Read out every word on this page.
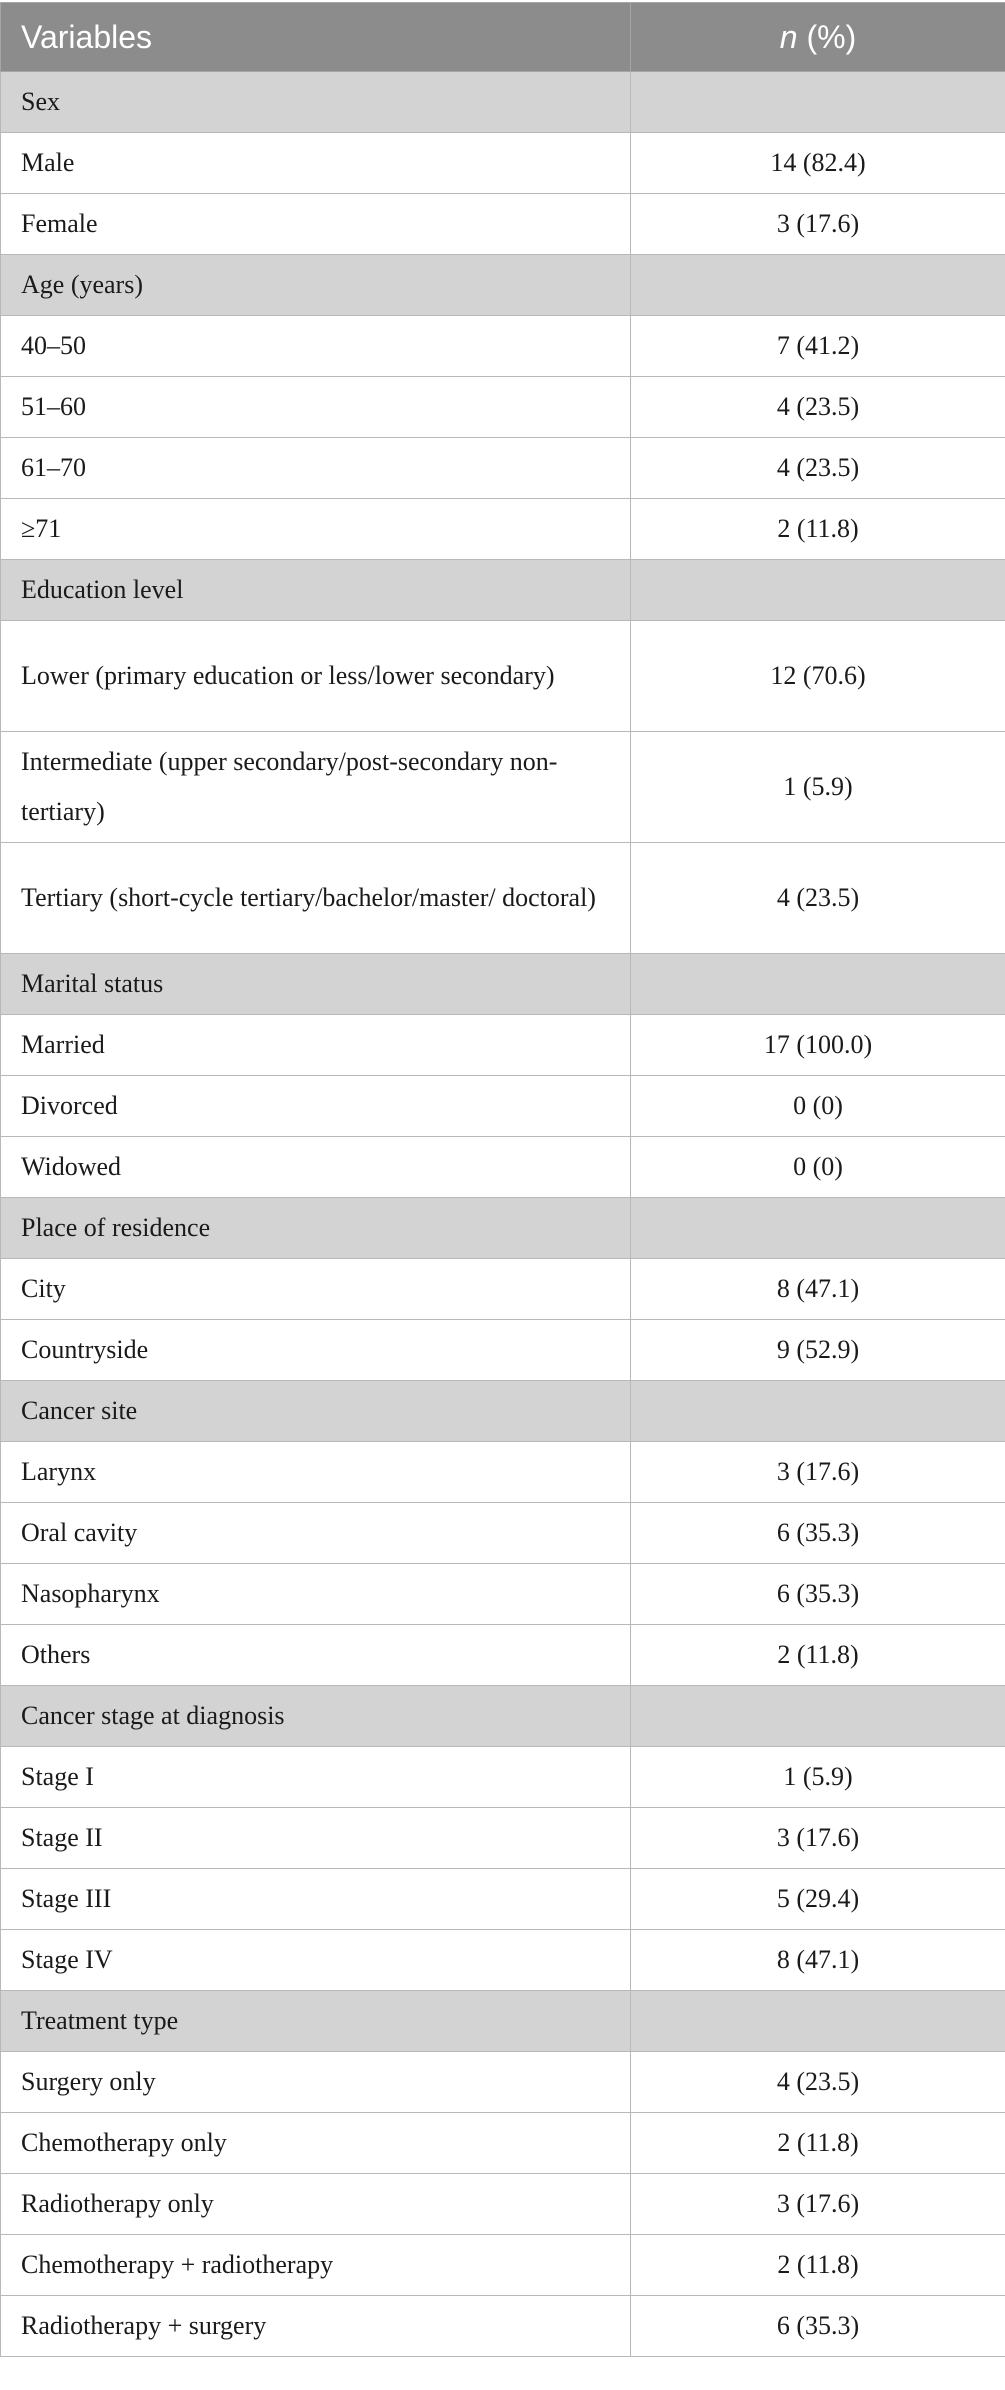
Variables	n (%)
Sex	
Male	14 (82.4)
Female	3 (17.6)
Age (years)	
40–50	7 (41.2)
51–60	4 (23.5)
61–70	4 (23.5)
≥71	2 (11.8)
Education level	
Lower (primary education or less/lower secondary)	12 (70.6)
Intermediate (upper secondary/post-secondary non-tertiary)	1 (5.9)
Tertiary (short-cycle tertiary/bachelor/master/ doctoral)	4 (23.5)
Marital status	
Married	17 (100.0)
Divorced	0 (0)
Widowed	0 (0)
Place of residence	
City	8 (47.1)
Countryside	9 (52.9)
Cancer site	
Larynx	3 (17.6)
Oral cavity	6 (35.3)
Nasopharynx	6 (35.3)
Others	2 (11.8)
Cancer stage at diagnosis	
Stage I	1 (5.9)
Stage II	3 (17.6)
Stage III	5 (29.4)
Stage IV	8 (47.1)
Treatment type	
Surgery only	4 (23.5)
Chemotherapy only	2 (11.8)
Radiotherapy only	3 (17.6)
Chemotherapy + radiotherapy	2 (11.8)
Radiotherapy + surgery	6 (35.3)
